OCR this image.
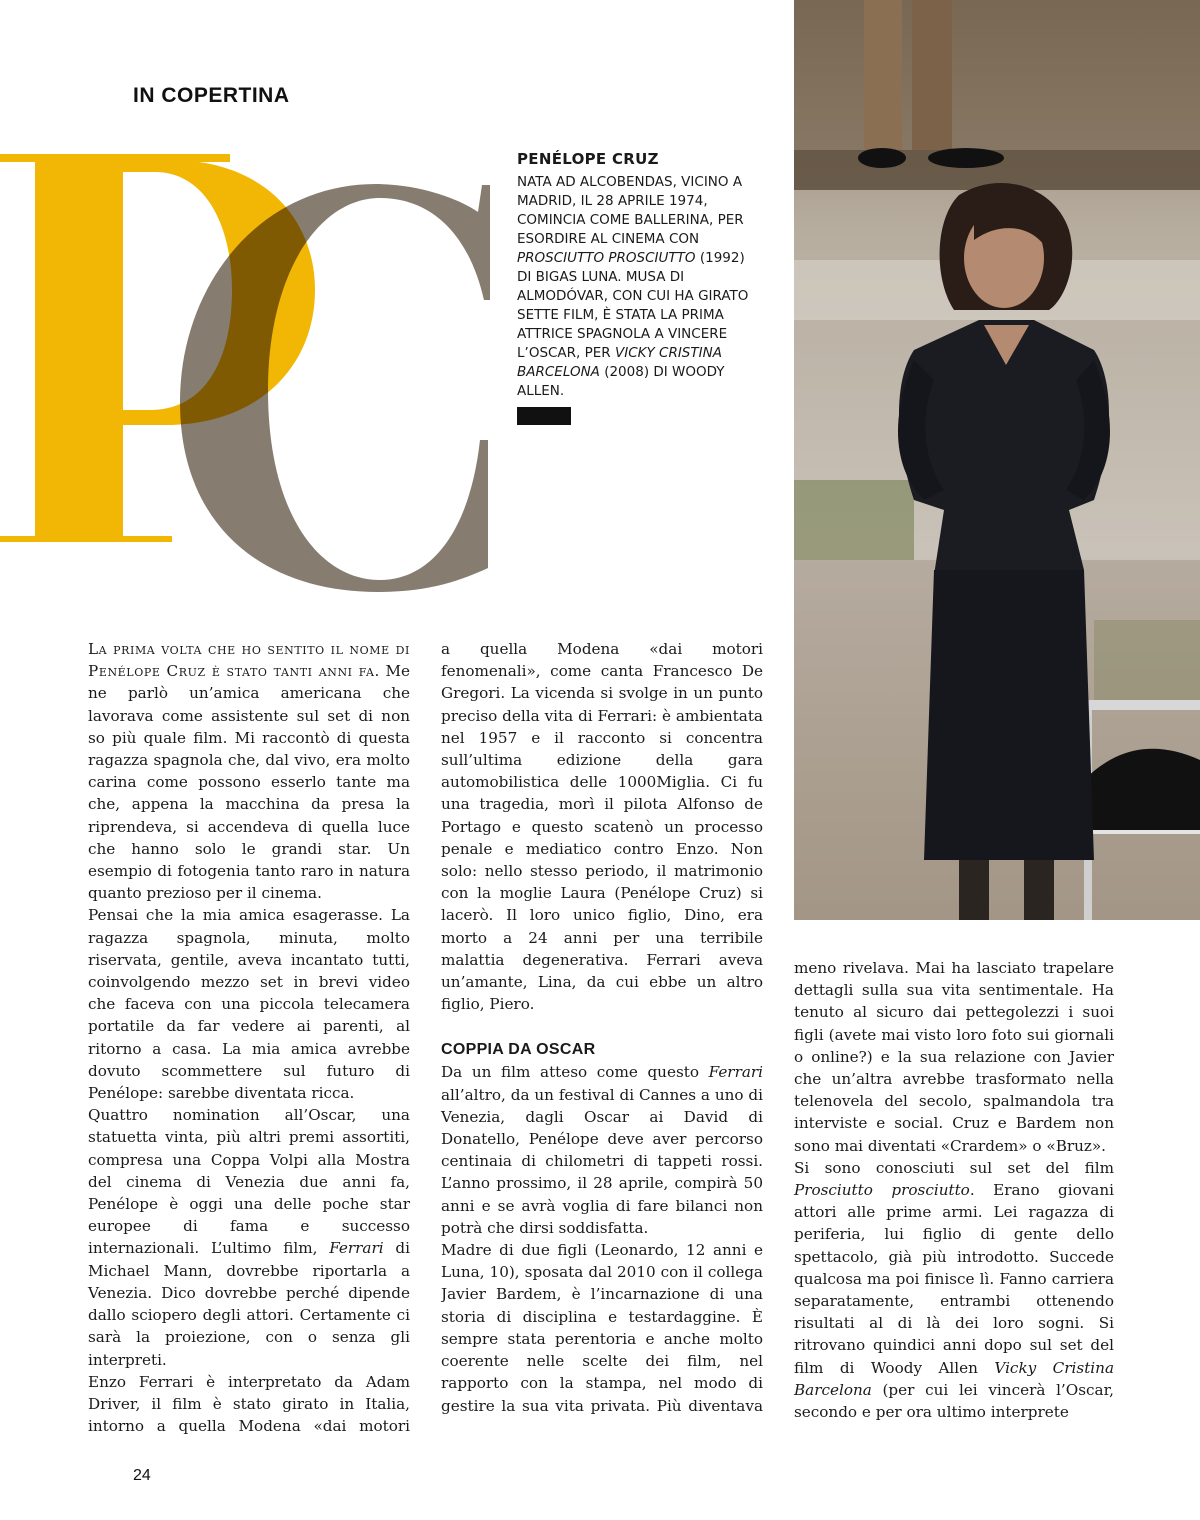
IN COPERTINA
PENÉLOPE CRUZ
NATA AD ALCOBENDAS, VICINO A MADRID, IL 28 APRILE 1974, COMINCIA COME BALLERINA, PER ESORDIRE AL CINEMA CON PROSCIUTTO PROSCIUTTO (1992) DI BIGAS LUNA. MUSA DI ALMODÓVAR, CON CUI HA GIRATO SETTE FILM, È STATA LA PRIMA ATTRICE SPAGNOLA A VINCERE L’OSCAR, PER VICKY CRISTINA BARCELONA (2008) DI WOODY ALLEN.

La prima volta che ho sentito il nome di Penélope Cruz è stato tanti anni fa. Me ne parlò un’amica americana che lavorava come assistente sul set di non so più quale film. Mi raccontò di questa ragazza spagnola che, dal vivo, era molto carina come possono esserlo tante ma che, appena la macchina da presa la riprendeva, si accendeva di quella luce che hanno solo le grandi star. Un esempio di fotogenia tanto raro in natura quanto prezioso per il cinema.

Pensai che la mia amica esagerasse. La ragazza spagnola, minuta, molto riservata, gentile, aveva incantato tutti, coinvolgendo mezzo set in brevi video che faceva con una piccola telecamera portatile da far vedere ai parenti, al ritorno a casa. La mia amica avrebbe dovuto scommettere sul futuro di Penélope: sarebbe diventata ricca.

Quattro nomination all’Oscar, una statuetta vinta, più altri premi assortiti, compresa una Coppa Volpi alla Mostra del cinema di Venezia due anni fa, Penélope è oggi una delle poche star europee di fama e successo internazionali. L’ultimo film, Ferrari di Michael Mann, dovrebbe riportarla a Venezia. Dico dovrebbe perché dipende dallo sciopero degli attori. Certamente ci sarà la proiezione, con o senza gli interpreti.

Enzo Ferrari è interpretato da Adam Driver, il film è stato girato in Italia, intorno a quella Modena «dai motori

a quella Modena «dai motori fenomenali», come canta Francesco De Gregori. La vicenda si svolge in un punto preciso della vita di Ferrari: è ambientata nel 1957 e il racconto si concentra sull’ultima edizione della gara automobilistica delle 1000Miglia. Ci fu una tragedia, morì il pilota Alfonso de Portago e questo scatenò un processo penale e mediatico contro Enzo. Non solo: nello stesso periodo, il matrimonio con la moglie Laura (Penélope Cruz) si lacerò. Il loro unico figlio, Dino, era morto a 24 anni per una terribile malattia degenerativa. Ferrari aveva un’amante, Lina, da cui ebbe un altro figlio, Piero.

COPPIA DA OSCAR

Da un film atteso come questo Ferrari all’altro, da un festival di Cannes a uno di Venezia, dagli Oscar ai David di Donatello, Penélope deve aver percorso centinaia di chilometri di tappeti rossi. L’anno prossimo, il 28 aprile, compirà 50 anni e se avrà voglia di fare bilanci non potrà che dirsi soddisfatta.

Madre di due figli (Leonardo, 12 anni e Luna, 10), sposata dal 2010 con il collega Javier Bardem, è l’incarnazione di una storia di disciplina e testardaggine. È sempre stata perentoria e anche molto coerente nelle scelte dei film, nel rapporto con la stampa, nel modo di gestire la sua vita privata. Più diventava

meno rivelava. Mai ha lasciato trapelare dettagli sulla sua vita sentimentale. Ha tenuto al sicuro dai pettegolezzi i suoi figli (avete mai visto loro foto sui giornali o online?) e la sua relazione con Javier che un’altra avrebbe trasformato nella telenovela del secolo, spalmandola tra interviste e social. Cruz e Bardem non sono mai diventati «Crardem» o «Bruz».

Si sono conosciuti sul set del film Prosciutto prosciutto. Erano giovani attori alle prime armi. Lei ragazza di periferia, lui figlio di gente dello spettacolo, già più introdotto. Succede qualcosa ma poi finisce lì. Fanno carriera separatamente, entrambi ottenendo risultati al di là dei loro sogni. Si ritrovano quindici anni dopo sul set del film di Woody Allen Vicky Cristina Barcelona (per cui lei vincerà l’Oscar, secondo e per ora ultimo interprete

24
